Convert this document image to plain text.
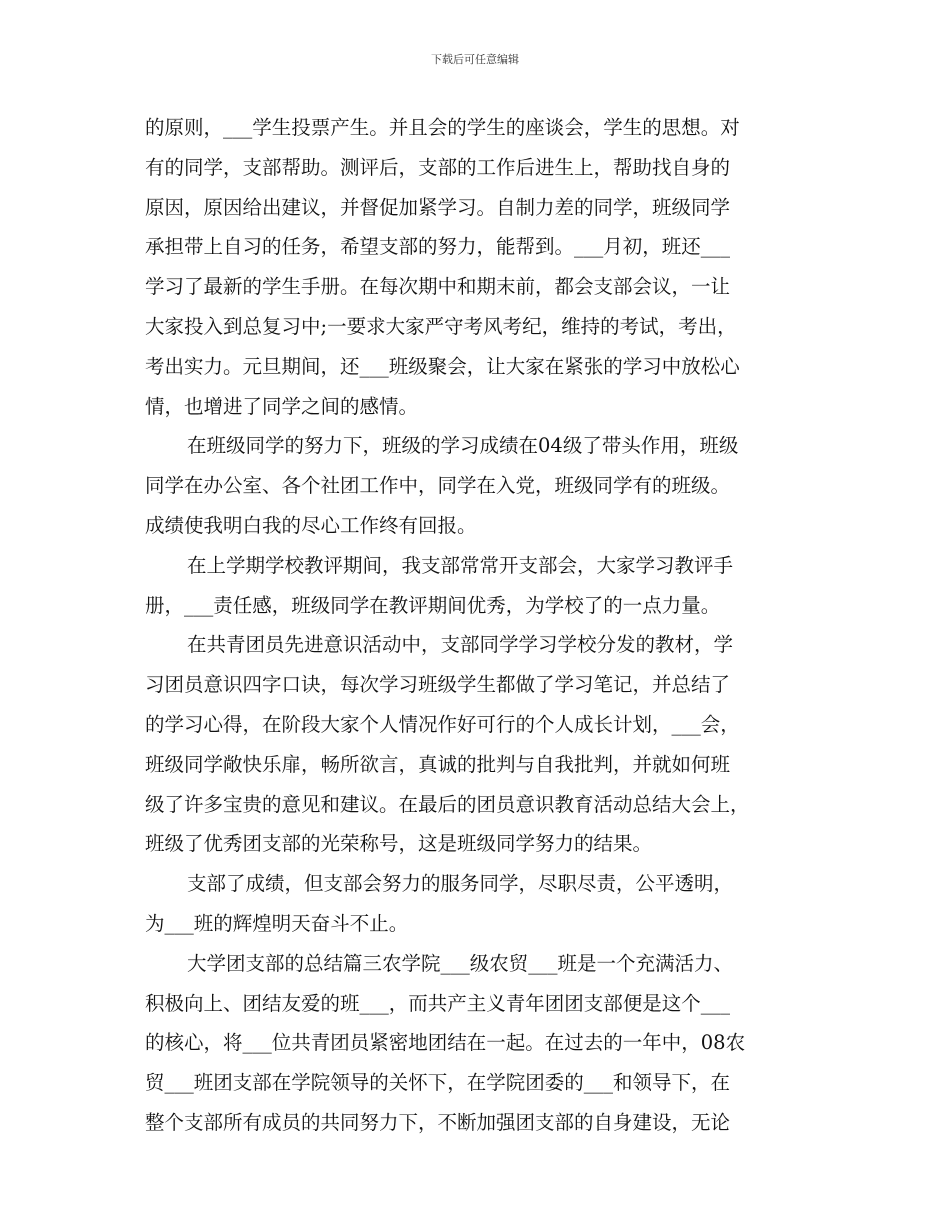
下载后可任意编辑
的原则，___学生投票产生。并且会的学生的座谈会，学生的思想。对
有的同学，支部帮助。测评后，支部的工作后进生上，帮助找自身的
原因，原因给出建议，并督促加紧学习。自制力差的同学，班级同学
承担带上自习的任务，希望支部的努力，能帮到。___月初，班还___
学习了最新的学生手册。在每次期中和期末前，都会支部会议，一让
大家投入到总复习中;一要求大家严守考风考纪，维持的考试，考出，
考出实力。元旦期间，还___班级聚会，让大家在紧张的学习中放松心
情，也增进了同学之间的感情。
在班级同学的努力下，班级的学习成绩在04级了带头作用，班级
同学在办公室、各个社团工作中，同学在入党，班级同学有的班级。
成绩使我明白我的尽心工作终有回报。
在上学期学校教评期间，我支部常常开支部会，大家学习教评手
册，___责任感，班级同学在教评期间优秀，为学校了的一点力量。
在共青团员先进意识活动中，支部同学学习学校分发的教材，学
习团员意识四字口诀，每次学习班级学生都做了学习笔记，并总结了
的学习心得，在阶段大家个人情况作好可行的个人成长计划，___会，
班级同学敞快乐扉，畅所欲言，真诚的批判与自我批判，并就如何班
级了许多宝贵的意见和建议。在最后的团员意识教育活动总结大会上，
班级了优秀团支部的光荣称号，这是班级同学努力的结果。
支部了成绩，但支部会努力的服务同学，尽职尽责，公平透明，
为___班的辉煌明天奋斗不止。
大学团支部的总结篇三农学院___级农贸___班是一个充满活力、
积极向上、团结友爱的班___，而共产主义青年团团支部便是这个___
的核心，将___位共青团员紧密地团结在一起。在过去的一年中，08农
贸___班团支部在学院领导的关怀下，在学院团委的___和领导下，在
整个支部所有成员的共同努力下，不断加强团支部的自身建设，无论
